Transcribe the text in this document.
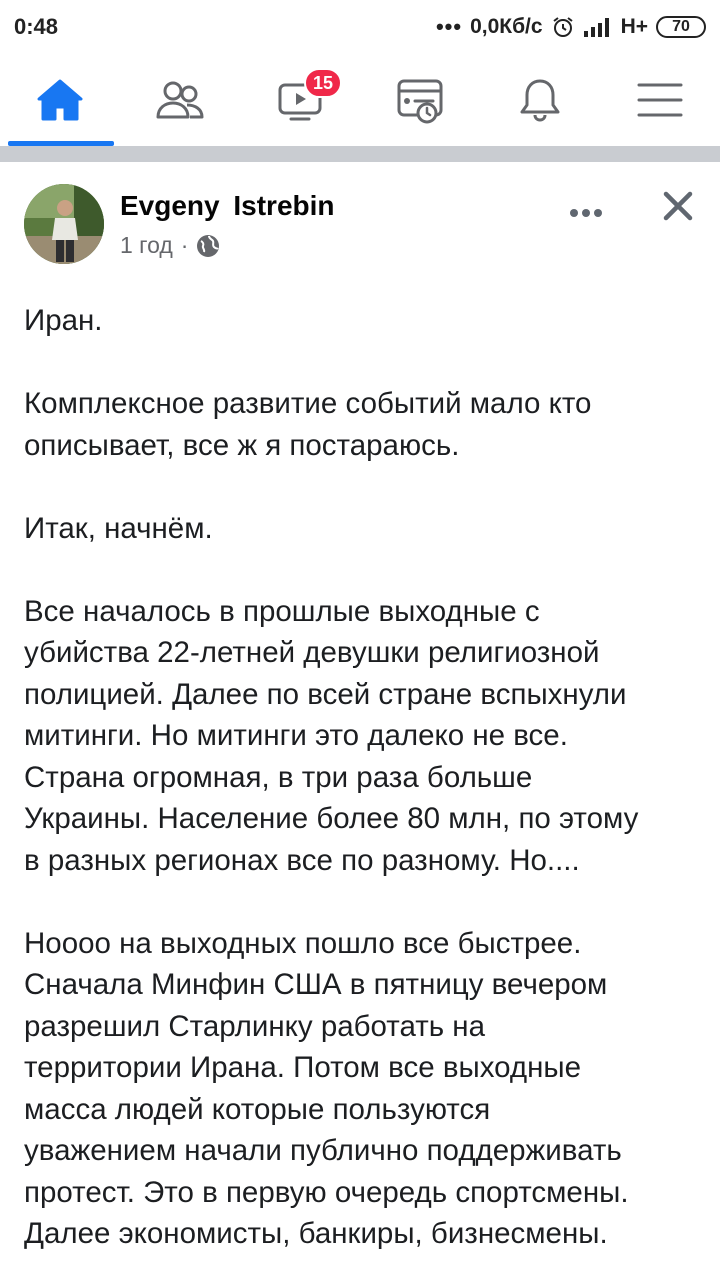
0:48	••• 0,0Кб/с	H+	70
15
Evgeny Istrebin
1 год ·

Иран.

Комплексное развитие событий мало кто
описывает, все ж я постараюсь.

Итак, начнём.

Все началось в прошлые выходные с
убийства 22-летней девушки религиозной
полицией. Далее по всей стране вспыхнули
митинги. Но митинги это далеко не все.
Страна огромная, в три раза больше
Украины. Население более 80 млн, по этому
в разных регионах все по разному. Но....

Нoooo на выходных пошло все быстрее.
Сначала Минфин США в пятницу вечером
разрешил Старлинку работать на
территории Ирана. Потом все выходные
масса людей которые пользуются
уважением начали публично поддерживать
протест. Это в первую очередь спортсмены.
Далее экономисты, банкиры, бизнесмены.
